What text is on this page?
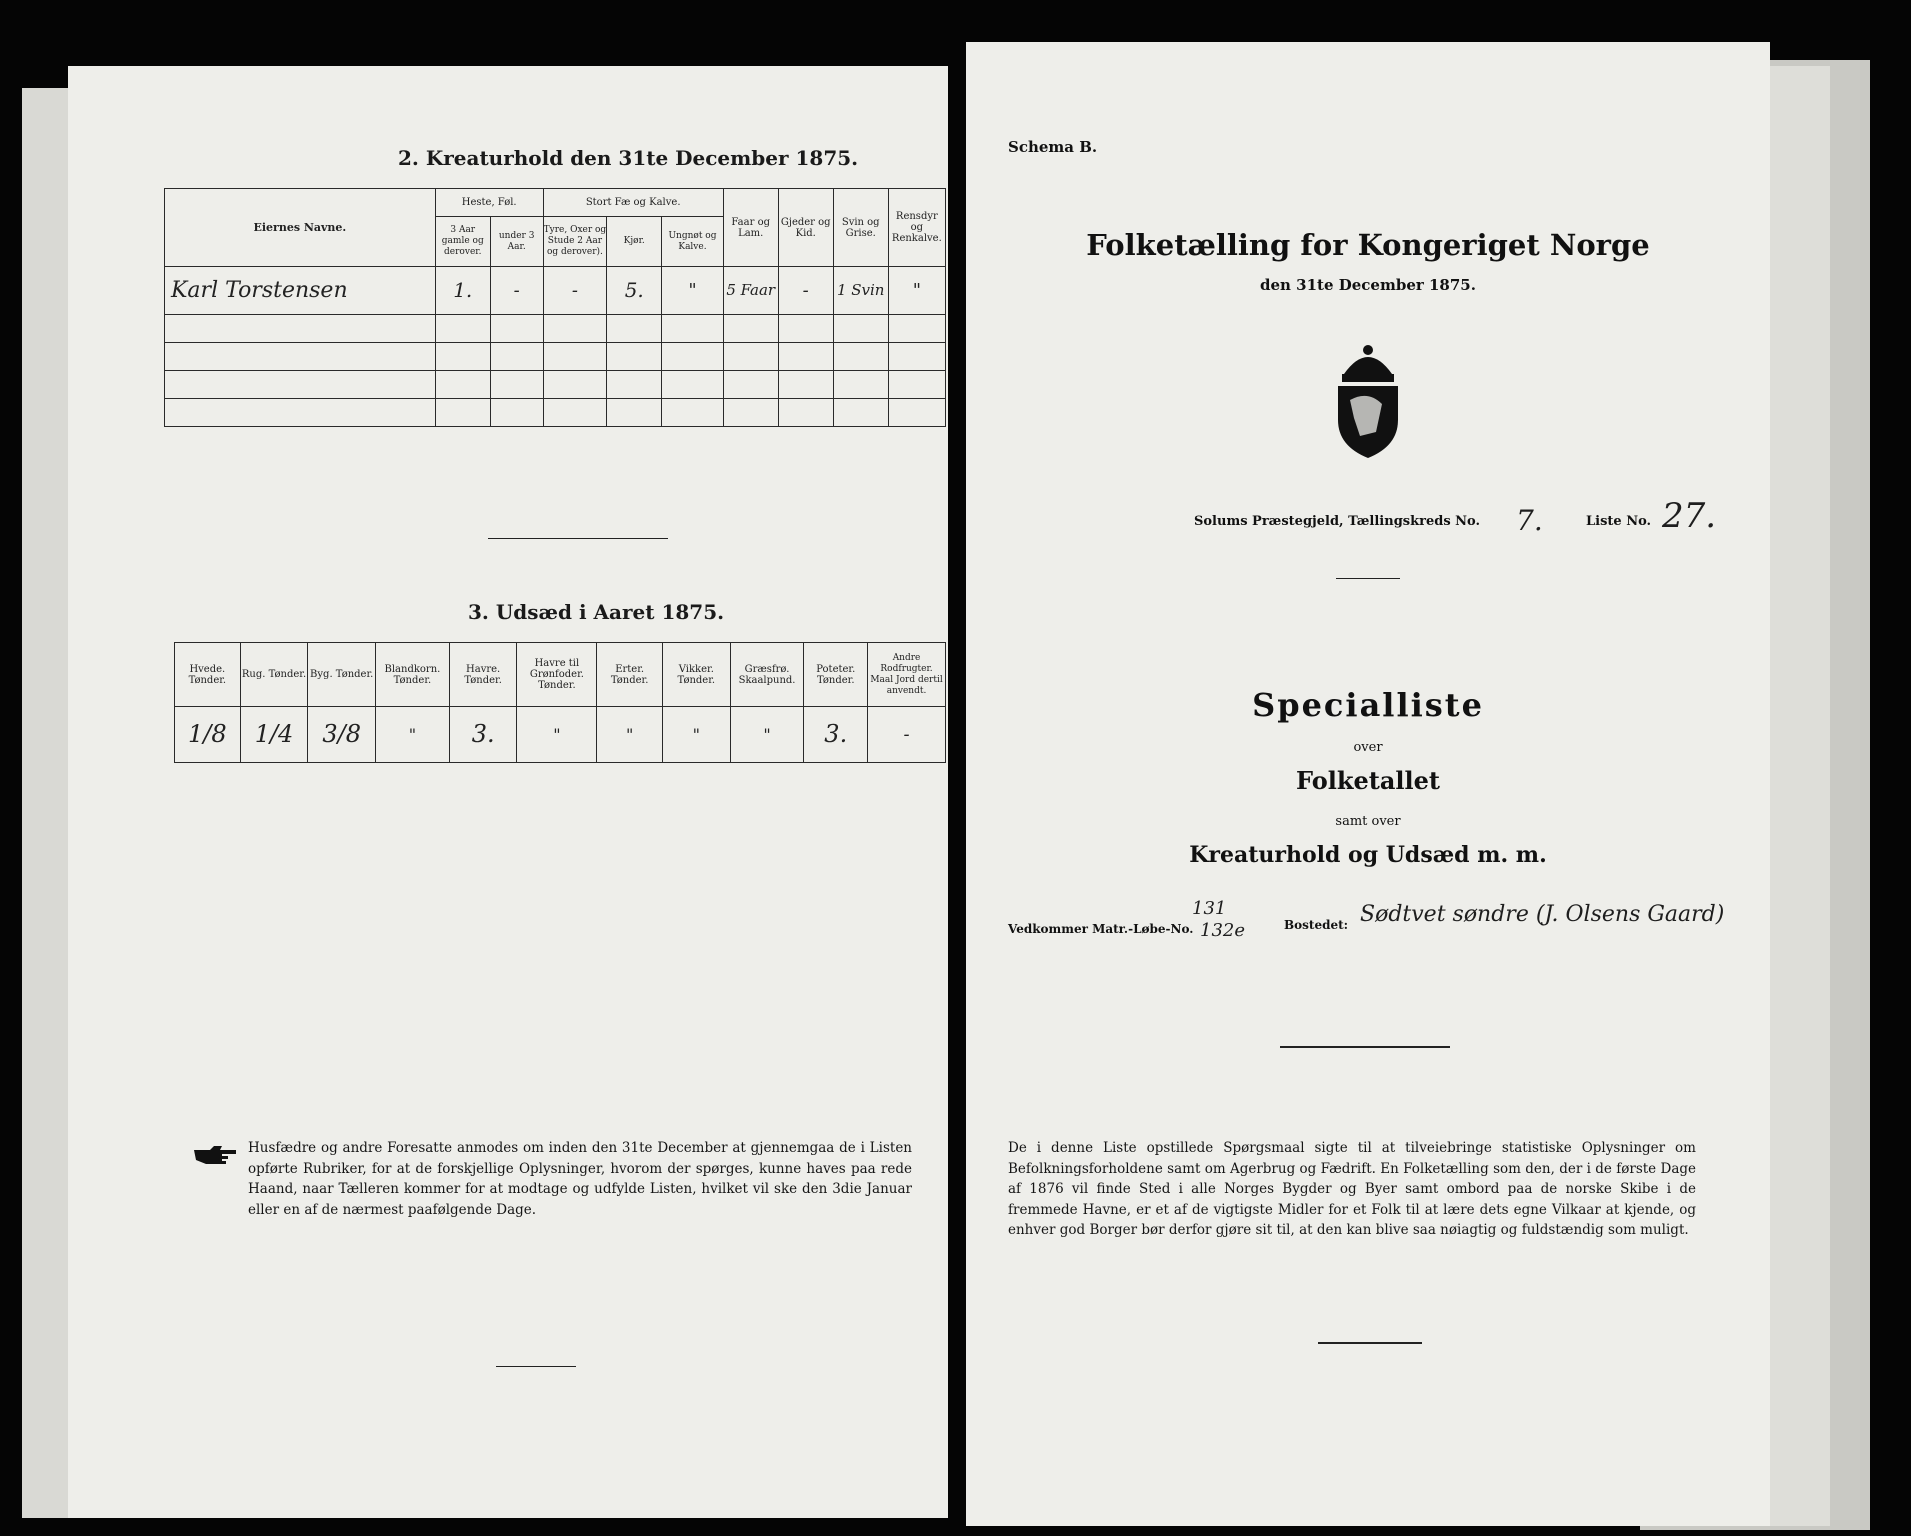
2. Kreaturhold den 31te December 1875.
Eiernes Navne.	Heste, Føl.		Stort Fæ og Kalve.			Faar og Lam.	Gjeder og Kid.	Svin og Grise.	Rensdyr og Renkalve.
	3 Aar gamle og derover.	under 3 Aar.	Tyre, Oxer og Stude 2 Aar og derover).	Kjør.	Ungnøt og Kalve.				
Karl Torstensen	1.	-	-	5.	"	5 Faar	-	1 Svin	"

3. Udsæd i Aaret 1875.
Hvede. Tønder.	Rug. Tønder.	Byg. Tønder.	Blandkorn. Tønder.	Havre. Tønder.	Havre til Grønfoder. Tønder.	Erter. Tønder.	Vikker. Tønder.	Græsfrø. Skaalpund.	Poteter. Tønder.	Andre Rodfrugter. Maal Jord dertil anvendt.
1/8	1/4	3/8	"	3.	"	"	"	"	3.	-
Husfædre og andre Foresatte anmodes om inden den 31te December at gjennemgaa de i Listen opførte Rubriker, for at de forskjellige Oplysninger, hvorom der spørges, kunne haves paa rede Haand, naar Tælleren kommer for at modtage og udfylde Listen, hvilket vil ske den 3die Januar eller en af de nærmest paafølgende Dage.
Schema B.
Folketælling for Kongeriget Norge
den 31te December 1875.
Solums Præstegjeld, Tællingskreds No. 7.	Liste No. 27.
Specialliste
over
Folketallet
samt over
Kreaturhold og Udsæd m. m.
Vedkommer Matr.-Løbe-No.
131
132e	Bostedet: Sødtvet søndre (J. Olsens Gaard)
De i denne Liste opstillede Spørgsmaal sigte til at tilveiebringe statistiske Oplysninger om Befolkningsforholdene samt om Agerbrug og Fædrift. En Folketælling som den, der i de første Dage af 1876 vil finde Sted i alle Norges Bygder og Byer samt ombord paa de norske Skibe i de fremmede Havne, er et af de vigtigste Midler for et Folk til at lære dets egne Vilkaar at kjende, og enhver god Borger bør derfor gjøre sit til, at den kan blive saa nøiagtig og fuldstændig som muligt.
